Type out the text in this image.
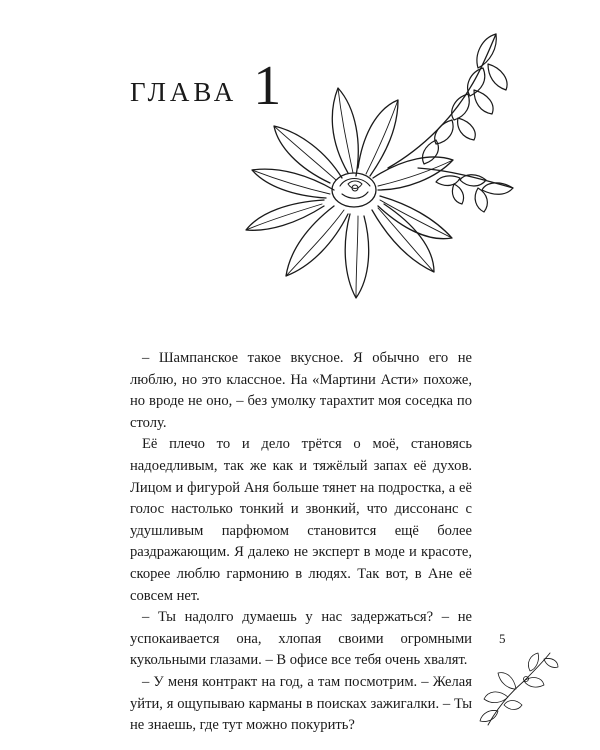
ГЛАВА 1

– Шампанское такое вкусное. Я обычно его не люблю, но это классное. На «Мартини Асти» похоже, но вроде не оно, – без умолку тарахтит моя соседка по столу.

Её плечо то и дело трётся о моё, становясь надоедливым, так же как и тяжёлый запах её духов. Лицом и фигурой Аня больше тянет на подростка, а её голос настолько тонкий и звонкий, что диссонанс с удушливым парфюмом становится ещё более раздражающим. Я далеко не эксперт в моде и красоте, скорее люблю гармонию в людях. Так вот, в Ане её совсем нет.

– Ты надолго думаешь у нас задержаться? – не успокаивается она, хлопая своими огромными кукольными глазами. – В офисе все тебя очень хвалят.

– У меня контракт на год, а там посмотрим. – Желая уйти, я ощупываю карманы в поисках зажигалки. – Ты не знаешь, где тут можно покурить?

5
